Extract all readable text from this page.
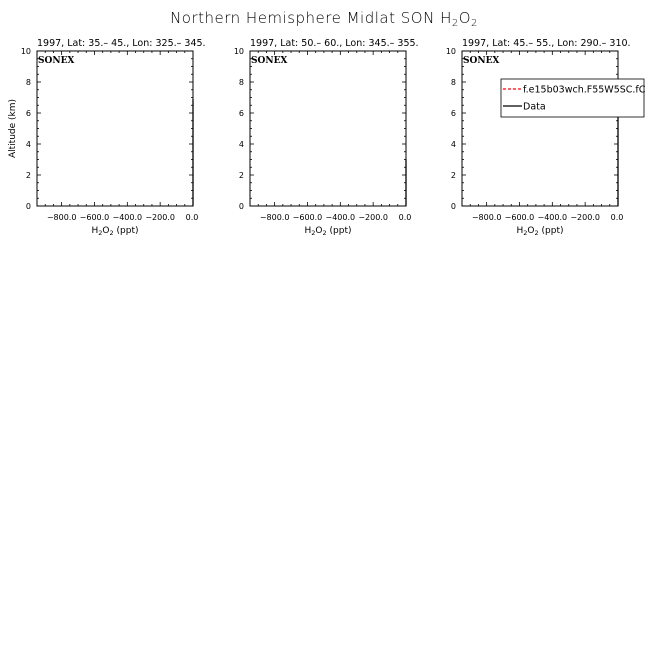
Northern Hemisphere Midlat SON $H_2O_2$
1997, Lat: 35.– 45., Lon: 325.– 345.
SONEX
0
2
4
6
8
10
−800.0 −600.0 −400.0 −200.0 0.0
$H_2O_2$ (ppt)
Altitude (km)
1997, Lat: 50.– 60., Lon: 345.– 355.
SONEX
0
2
4
6
8
10
−800.0 −600.0 −400.0 −200.0 0.0
$H_2O_2$ (ppt)
1997, Lat: 45.– 55., Lon: 290.– 310.
SONEX
0
2
4
6
8
10
−800.0 −600.0 −400.0 −200.0 0.0
$H_2O_2$ (ppt)
f.e15b03wch.F55W5SC.fC
Data
